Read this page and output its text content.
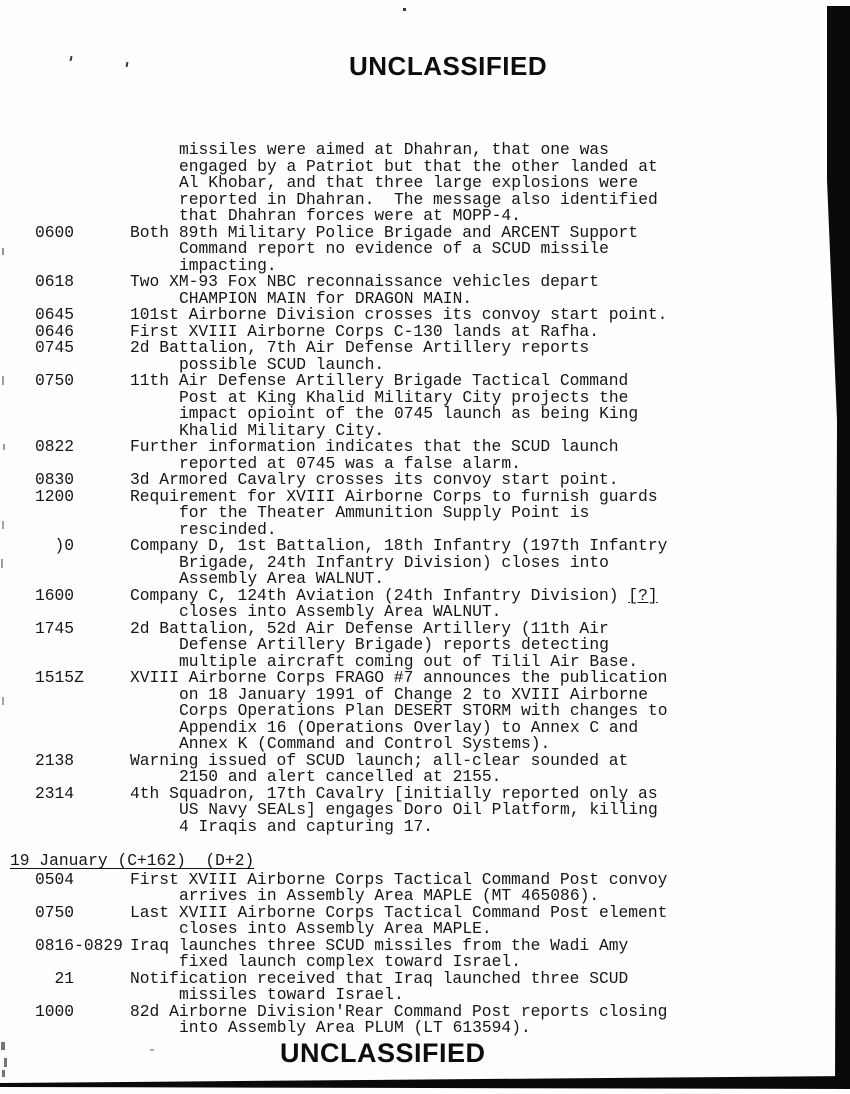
UNCLASSIFIED
missiles were aimed at Dhahran, that one was
engaged by a Patriot but that the other landed at
Al Khobar, and that three large explosions were
reported in Dhahran.  The message also identified
that Dhahran forces were at MOPP-4.
0600	Both 89th Military Police Brigade and ARCENT Support
Command report no evidence of a SCUD missile
impacting.
0618	Two XM-93 Fox NBC reconnaissance vehicles depart
CHAMPION MAIN for DRAGON MAIN.
0645	101st Airborne Division crosses its convoy start point.
0646	First XVIII Airborne Corps C-130 lands at Rafha.
0745	2d Battalion, 7th Air Defense Artillery reports
possible SCUD launch.
0750	11th Air Defense Artillery Brigade Tactical Command
Post at King Khalid Military City projects the
impact opioint of the 0745 launch as being King
Khalid Military City.
0822	Further information indicates that the SCUD launch
reported at 0745 was a false alarm.
0830	3d Armored Cavalry crosses its convoy start point.
1200	Requirement for XVIII Airborne Corps to furnish guards
for the Theater Ammunition Supply Point is
rescinded.
)0	Company D, 1st Battalion, 18th Infantry (197th Infantry
Brigade, 24th Infantry Division) closes into
Assembly Area WALNUT.
1600	Company C, 124th Aviation (24th Infantry Division) [?]
closes into Assembly Area WALNUT.
1745	2d Battalion, 52d Air Defense Artillery (11th Air
Defense Artillery Brigade) reports detecting
multiple aircraft coming out of Tilil Air Base.
1515Z	XVIII Airborne Corps FRAGO #7 announces the publication
on 18 January 1991 of Change 2 to XVIII Airborne
Corps Operations Plan DESERT STORM with changes to
Appendix 16 (Operations Overlay) to Annex C and
Annex K (Command and Control Systems).
2138	Warning issued of SCUD launch; all-clear sounded at
2150 and alert cancelled at 2155.
2314	4th Squadron, 17th Cavalry [initially reported only as
US Navy SEALs] engages Doro Oil Platform, killing
4 Iraqis and capturing 17.
19 January (C+162)  (D+2)
0504	First XVIII Airborne Corps Tactical Command Post convoy
arrives in Assembly Area MAPLE (MT 465086).
0750	Last XVIII Airborne Corps Tactical Command Post element
closes into Assembly Area MAPLE.
0816-0829 Iraq launches three SCUD missiles from the Wadi Amy
fixed launch complex toward Israel.
21	Notification received that Iraq launched three SCUD
missiles toward Israel.
1000	82d Airborne Division'Rear Command Post reports closing
into Assembly Area PLUM (LT 613594).
UNCLASSIFIED
